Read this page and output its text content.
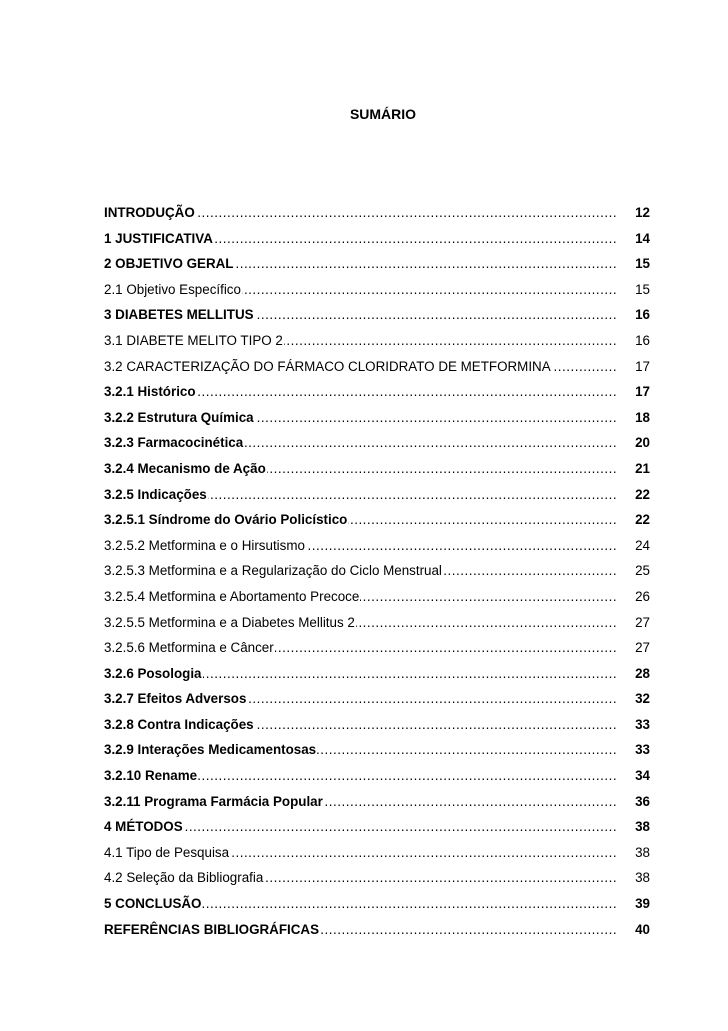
SUMÁRIO
INTRODUÇÃO . . .	12
1 JUSTIFICATIVA . . .	14
2 OBJETIVO GERAL . . .	15
2.1 Objetivo Específico . . .	15
3 DIABETES MELLITUS . . .	16
3.1 DIABETE MELITO TIPO 2 . . .	16
3.2 CARACTERIZAÇÃO DO FÁRMACO CLORIDRATO DE METFORMINA . . .	17
3.2.1 Histórico . . .	17
3.2.2 Estrutura Química . . .	18
3.2.3 Farmacocinética . . .	20
3.2.4 Mecanismo de Ação . . .	21
3.2.5 Indicações . . .	22
3.2.5.1 Síndrome do Ovário Policístico . . .	22
3.2.5.2 Metformina e o Hirsutismo . . .	24
3.2.5.3 Metformina e a Regularização do Ciclo Menstrual . . .	25
3.2.5.4 Metformina e Abortamento Precoce . . .	26
3.2.5.5 Metformina e a Diabetes Mellitus 2 . . .	27
3.2.5.6 Metformina e Câncer . . .	27
3.2.6 Posologia . . .	28
3.2.7 Efeitos Adversos . . .	32
3.2.8 Contra Indicações . . .	33
3.2.9 Interações Medicamentosas . . .	33
3.2.10 Rename . . .	34
3.2.11 Programa Farmácia Popular . . .	36
4 MÉTODOS . . .	38
4.1 Tipo de Pesquisa . . .	38
4.2 Seleção da Bibliografia . . .	38
5 CONCLUSÃO . . .	39
REFERÊNCIAS BIBLIOGRÁFICAS . . .	40
